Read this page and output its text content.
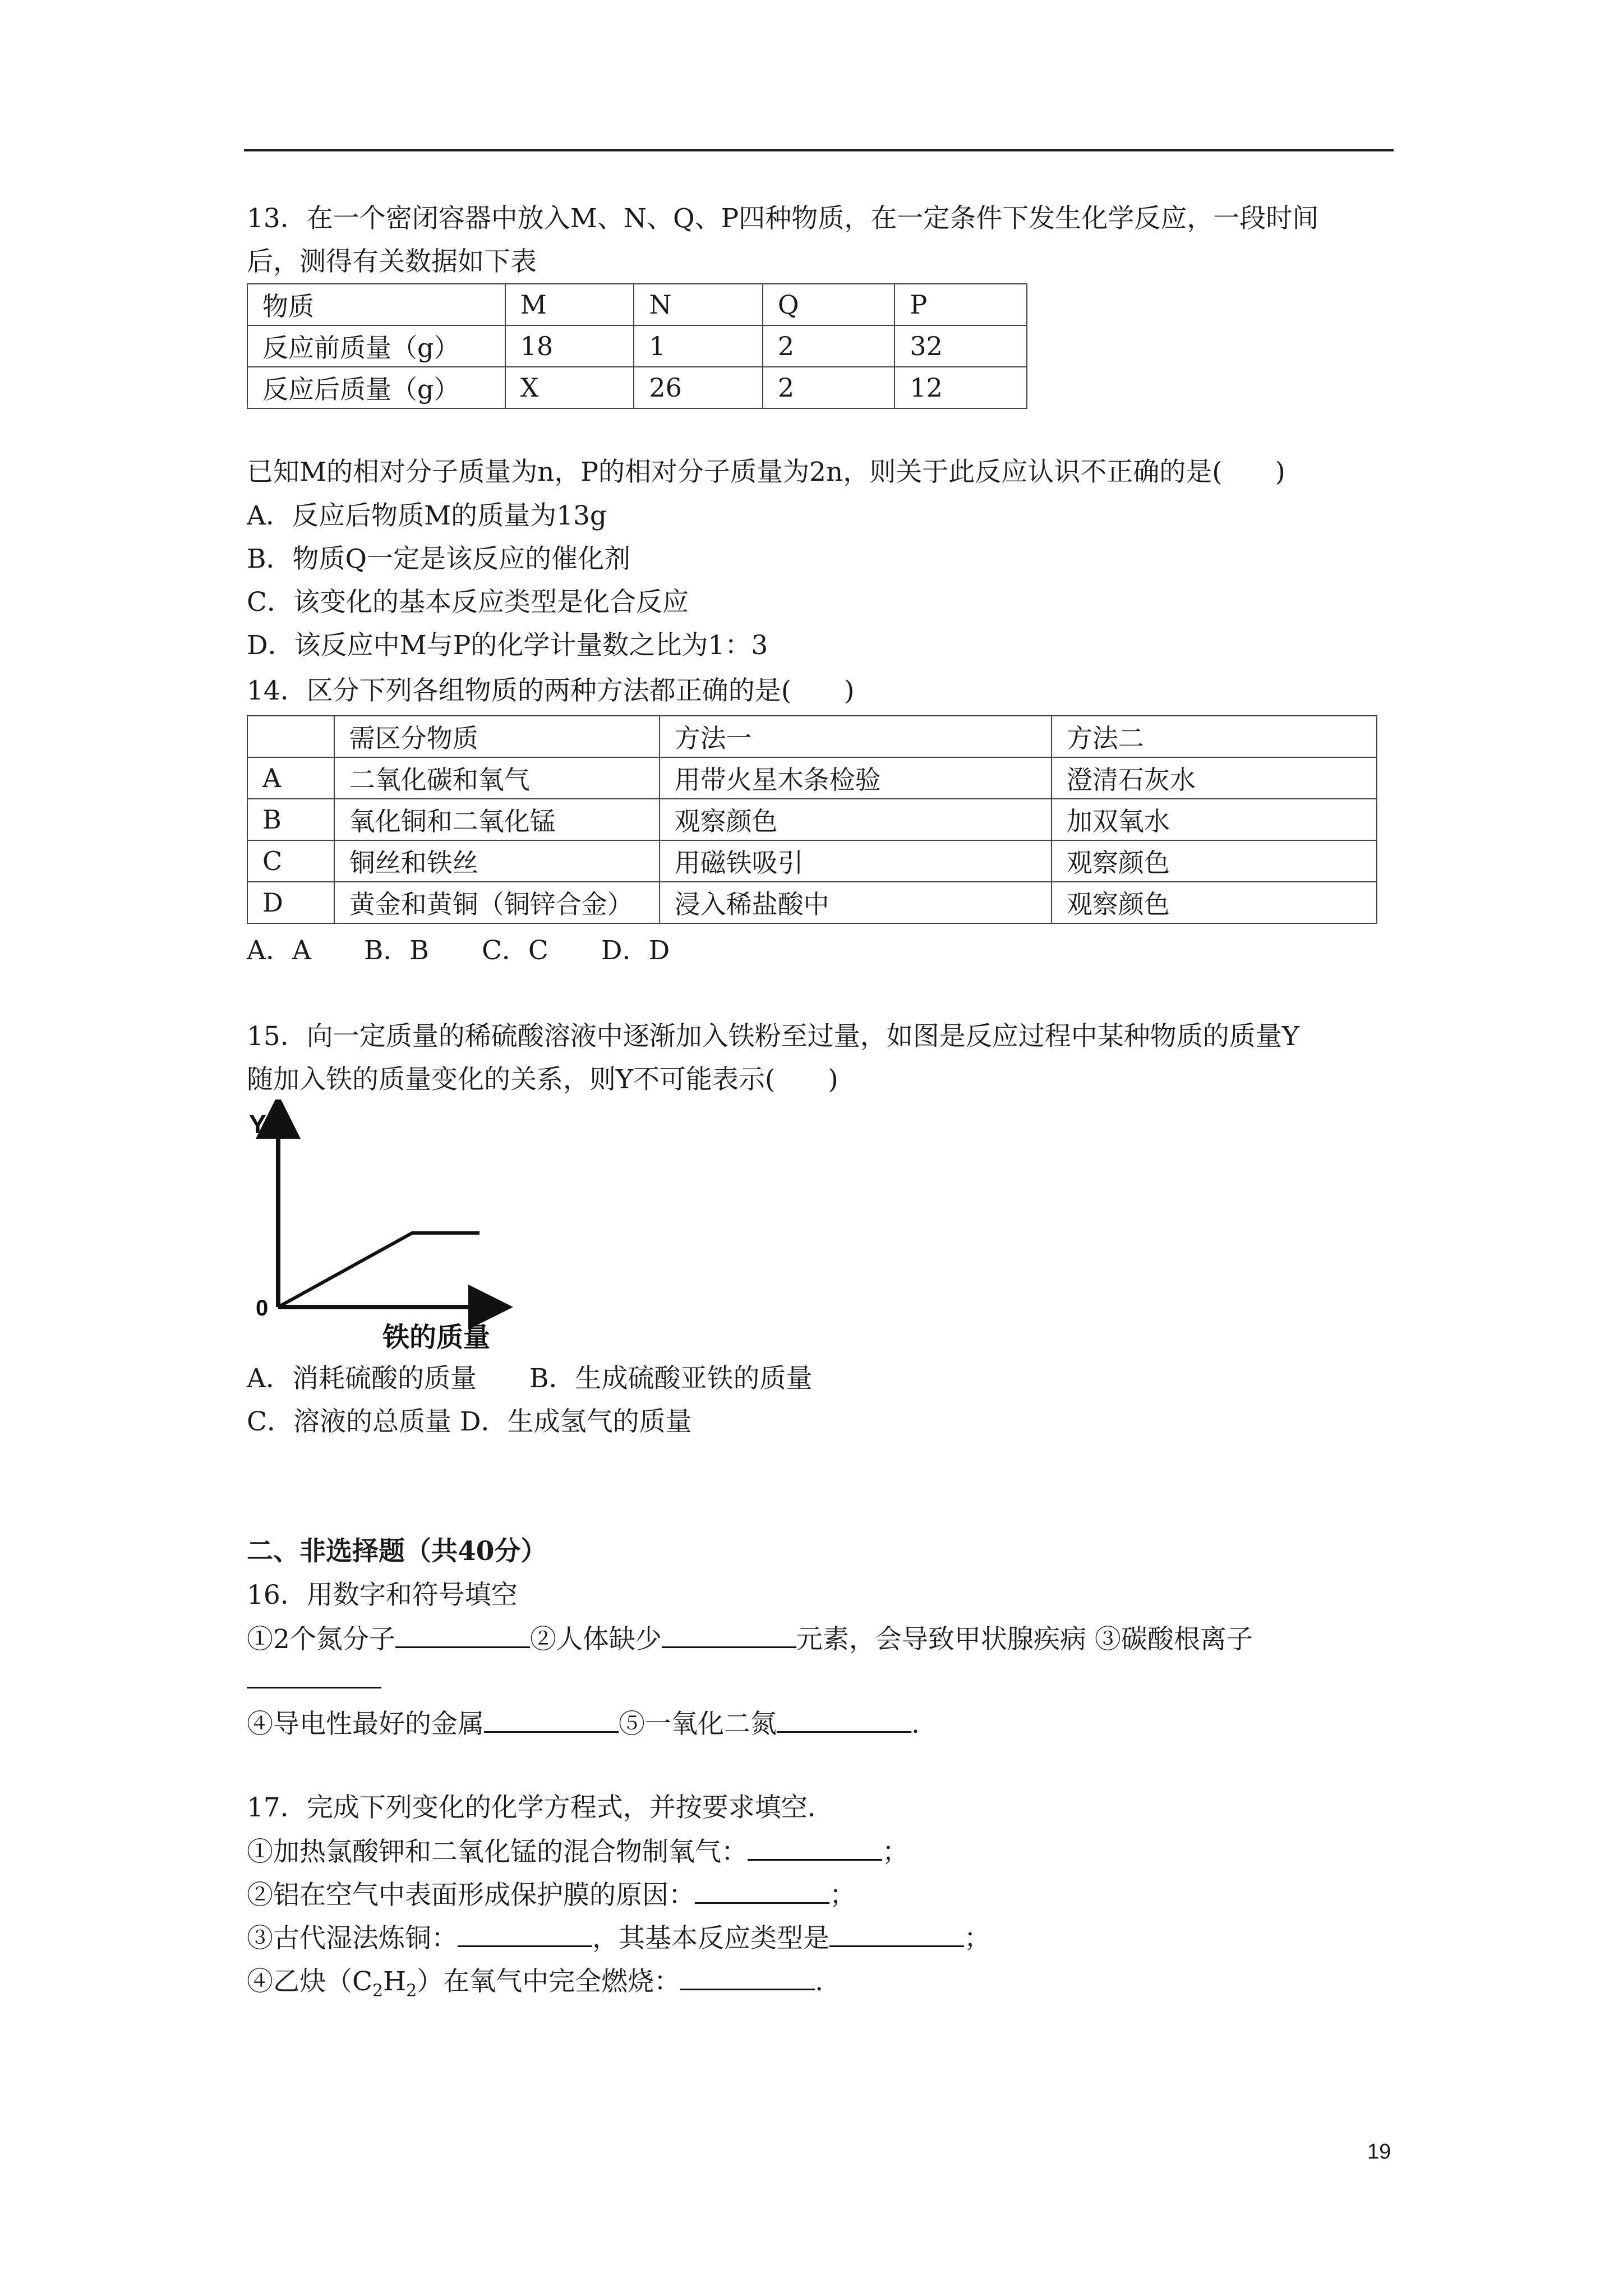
13．在一个密闭容器中放入M、N、Q、P四种物质，在一定条件下发生化学反应，一段时间
后，测得有关数据如下表
物质	M	N	Q	P
反应前质量（g）	18	1	2	32
反应后质量（g）	X	26	2	12
已知M的相对分子质量为n，P的相对分子质量为2n，则关于此反应认识不正确的是(　　)
A．反应后物质M的质量为13g
B．物质Q一定是该反应的催化剂
C．该变化的基本反应类型是化合反应
D．该反应中M与P的化学计量数之比为1：3
14．区分下列各组物质的两种方法都正确的是(　　)
	需区分物质	方法一	方法二
A	二氧化碳和氧气	用带火星木条检验	澄清石灰水
B	氧化铜和二氧化锰	观察颜色	加双氧水
C	铜丝和铁丝	用磁铁吸引	观察颜色
D	黄金和黄铜（铜锌合金）	浸入稀盐酸中	观察颜色
A．A　　B．B　　C．C　　D．D
15．向一定质量的稀硫酸溶液中逐渐加入铁粉至过量，如图是反应过程中某种物质的质量Y
随加入铁的质量变化的关系，则Y不可能表示(　　)
Y
0
铁的质量
A．消耗硫酸的质量　　B．生成硫酸亚铁的质量
C．溶液的总质量 D．生成氢气的质量
二、非选择题（共40分）
16．用数字和符号填空
①2个氮分子	②人体缺少	元素，会导致甲状腺疾病 ③碳酸根离子
④导电性最好的金属	⑤一氧化二氮	.
17．完成下列变化的化学方程式，并按要求填空．
①加热氯酸钾和二氧化锰的混合物制氧气：	；
②铝在空气中表面形成保护膜的原因：	；
③古代湿法炼铜：	，其基本反应类型是	；
④乙炔$(C_2H_2)$在氧气中完全燃烧：	.
19
